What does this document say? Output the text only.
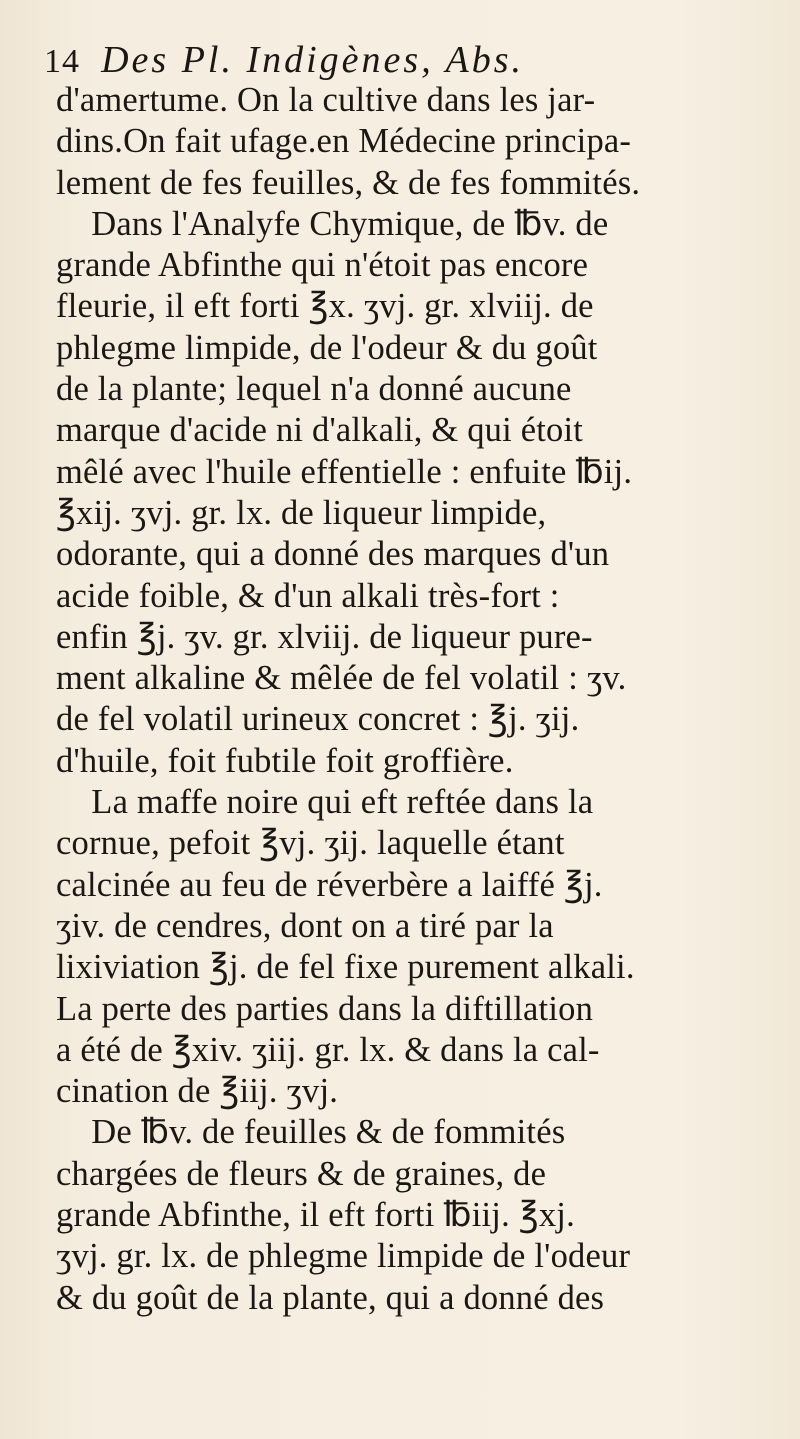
14 Des Pl. Indigènes, Abs.
d'amertume. On la cultive dans les jar-
dins.On fait ufage.en Médecine principa-
lement de fes feuilles, & de fes fommités.
Dans l'Analyfe Chymique, de ℔v. de
grande Abfinthe qui n'étoit pas encore
fleurie, il eft forti ℥x. ʒvj. gr. xlviij. de
phlegme limpide, de l'odeur & du goût
de la plante; lequel n'a donné aucune
marque d'acide ni d'alkali, & qui étoit
mêlé avec l'huile effentielle : enfuite ℔ij.
℥xij. ʒvj. gr. lx. de liqueur limpide,
odorante, qui a donné des marques d'un
acide foible, & d'un alkali très-fort :
enfin ℥j. ʒv. gr. xlviij. de liqueur pure-
ment alkaline & mêlée de fel volatil : ʒv.
de fel volatil urineux concret : ℥j. ʒij.
d'huile, foit fubtile foit groffière.
La maffe noire qui eft reftée dans la
cornue, pefoit ℥vj. ʒij. laquelle étant
calcinée au feu de réverbère a laiffé ℥j.
ʒiv. de cendres, dont on a tiré par la
lixiviation ℥j. de fel fixe purement alkali.
La perte des parties dans la diftillation
a été de ℥xiv. ʒiij. gr. lx. & dans la cal-
cination de ℥iij. ʒvj.
De ℔v. de feuilles & de fommités
chargées de fleurs & de graines, de
grande Abfinthe, il eft forti ℔iij. ℥xj.
ʒvj. gr. lx. de phlegme limpide de l'odeur
& du goût de la plante, qui a donné des
